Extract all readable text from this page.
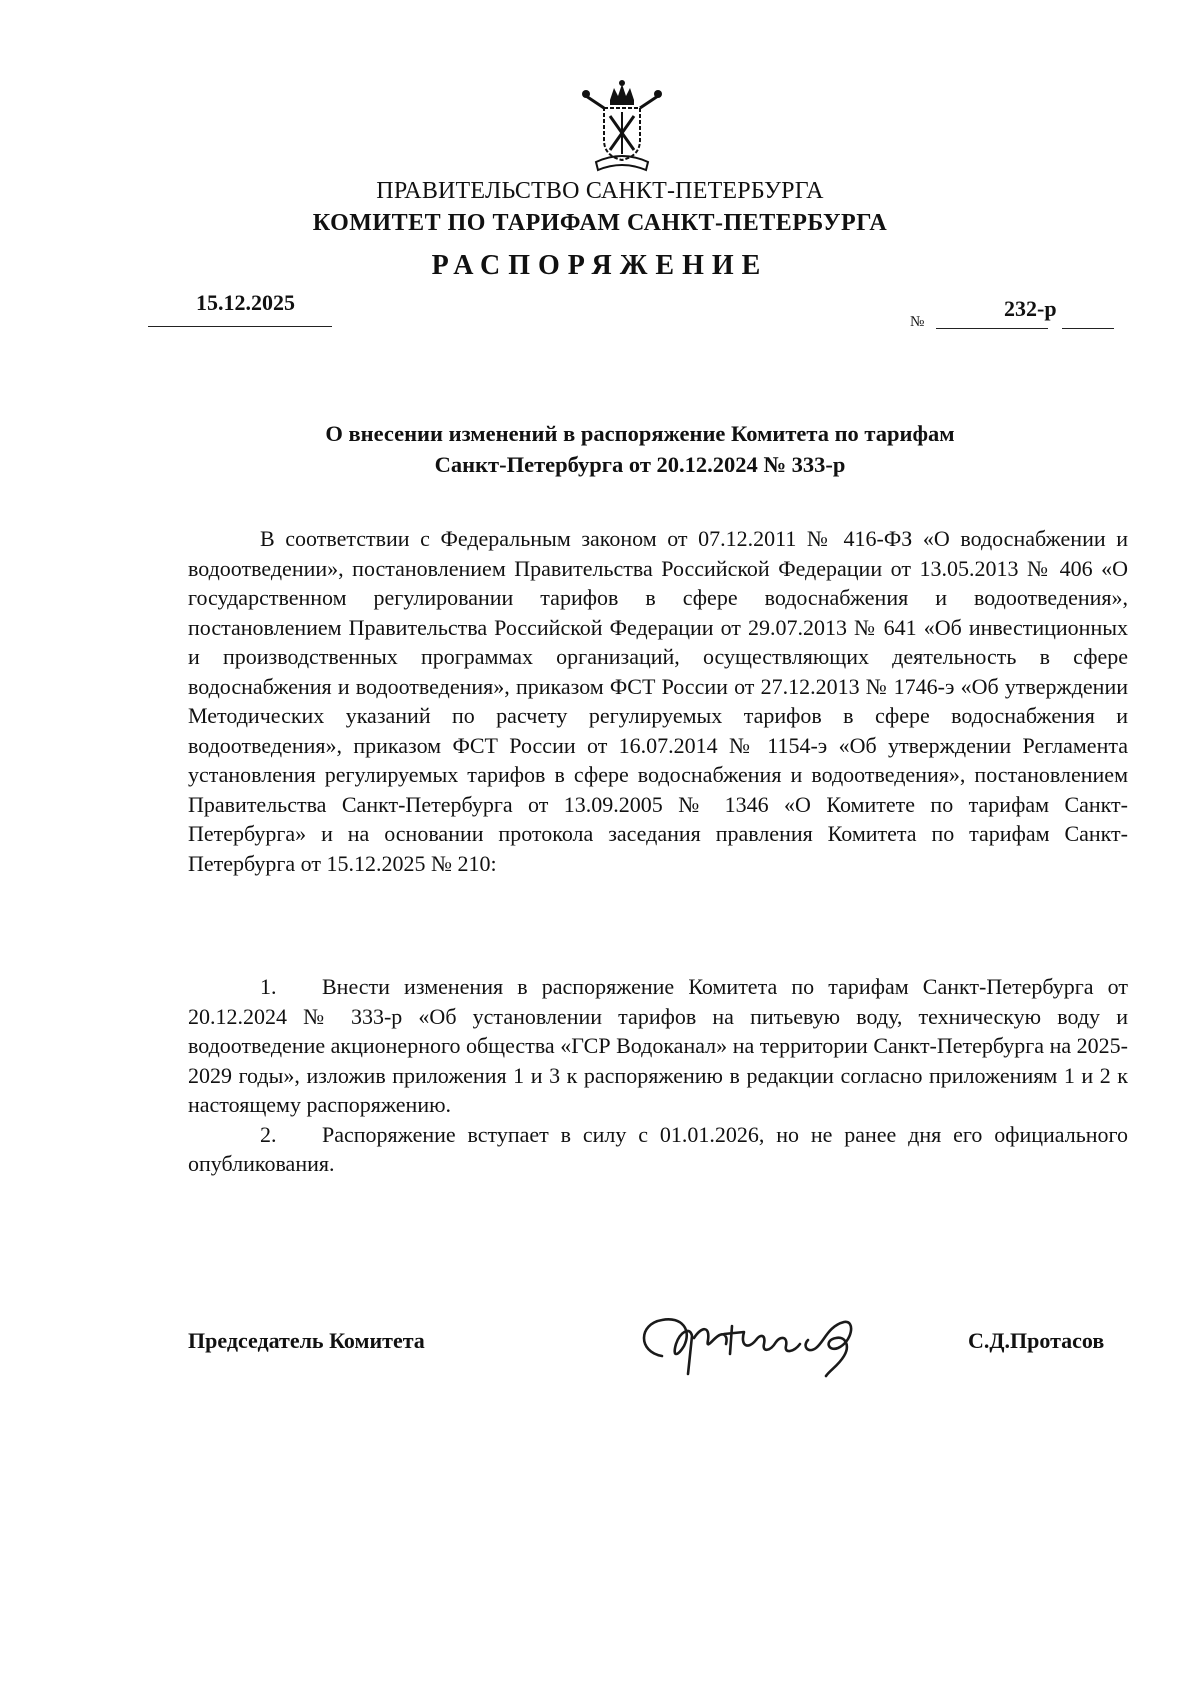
ПРАВИТЕЛЬСТВО САНКТ-ПЕТЕРБУРГА
КОМИТЕТ ПО ТАРИФАМ САНКТ-ПЕТЕРБУРГА
РАСПОРЯЖЕНИЕ
15.12.2025
№
232-р
О внесении изменений в распоряжение Комитета по тарифам
Санкт-Петербурга от 20.12.2024 № 333-р

В соответствии с Федеральным законом от 07.12.2011 № 416-ФЗ «О водоснабжении и водоотведении», постановлением Правительства Российской Федерации от 13.05.2013 № 406 «О государственном регулировании тарифов в сфере водоснабжения и водоотведения», постановлением Правительства Российской Федерации от 29.07.2013 № 641 «Об инвестиционных и производственных программах организаций, осуществляющих деятельность в сфере водоснабжения и водоотведения», приказом ФСТ России от 27.12.2013 № 1746-э «Об утверждении Методических указаний по расчету регулируемых тарифов в сфере водоснабжения и водоотведения», приказом ФСТ России от 16.07.2014 № 1154-э «Об утверждении Регламента установления регулируемых тарифов в сфере водоснабжения и водоотведения», постановлением Правительства Санкт-Петербурга от 13.09.2005 № 1346 «О Комитете по тарифам Санкт-Петербурга» и на основании протокола заседания правления Комитета по тарифам Санкт-Петербурга от 15.12.2025 № 210:

1. Внести изменения в распоряжение Комитета по тарифам Санкт-Петербурга от 20.12.2024 № 333-р «Об установлении тарифов на питьевую воду, техническую воду и водоотведение акционерного общества «ГСР Водоканал» на территории Санкт-Петербурга на 2025-2029 годы», изложив приложения 1 и 3 к распоряжению в редакции согласно приложениям 1 и 2 к настоящему распоряжению.

2. Распоряжение вступает в силу с 01.01.2026, но не ранее дня его официального опубликования.

Председатель Комитета	С.Д.Протасов
